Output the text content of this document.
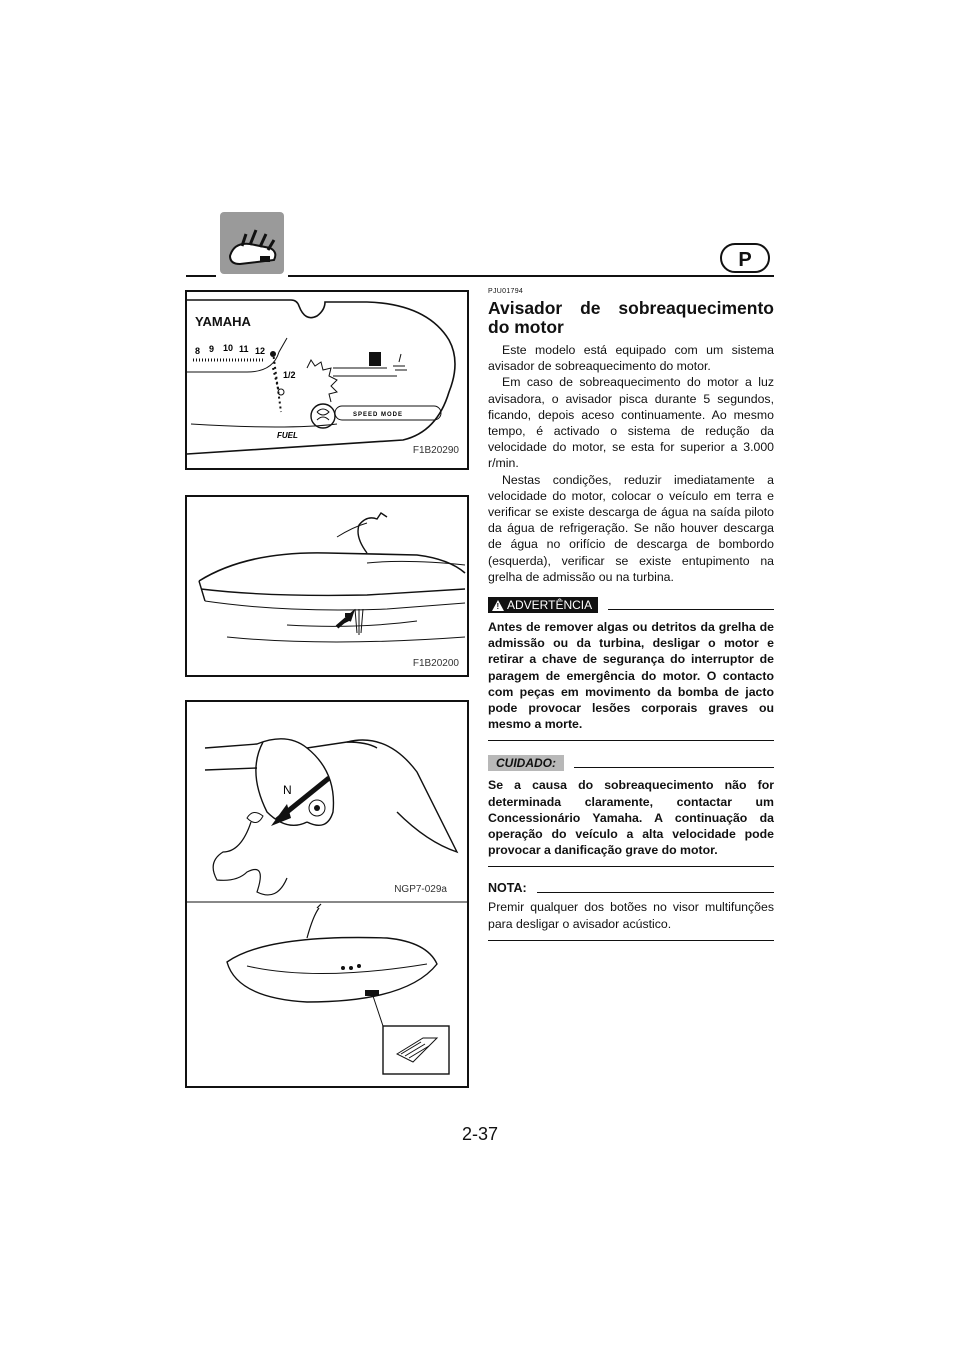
P
YAMAHA
8 9 10 11 12
1/2
SPEED MODE
FUEL
F1B20290
F1B20200
N
NGP7-029a

PJU01794

Avisador de sobreaquecimento do motor

Este modelo está equipado com um sistema avisador de sobreaquecimento do motor.

Em caso de sobreaquecimento do motor a luz avisadora, o avisador pisca durante 5 segundos, ficando, depois aceso continuamente. Ao mesmo tempo, é activado o sistema de redução da velocidade do motor, se esta for superior a 3.000 r/min.

Nestas condições, reduzir imediatamente a velocidade do motor, colocar o veículo em terra e verificar se existe descarga de água na saída piloto da água de refrigeração. Se não houver descarga de água no orifício de descarga de bombordo (esquerda), verificar se existe entupimento na grelha de admissão ou na turbina.

! ADVERTÊNCIA

Antes de remover algas ou detritos da grelha de admissão ou da turbina, desligar o motor e retirar a chave de segurança do interruptor de paragem de emergência do motor. O contacto com peças em movimento da bomba de jacto pode provocar lesões corporais graves ou mesmo a morte.

CUIDADO:

Se a causa do sobreaquecimento não for determinada claramente, contactar um Concessionário Yamaha. A continuação da operação do veículo a alta velocidade pode provocar a danificação grave do motor.

NOTA:

Premir qualquer dos botões no visor multifunções para desligar o avisador acústico.

2-37
